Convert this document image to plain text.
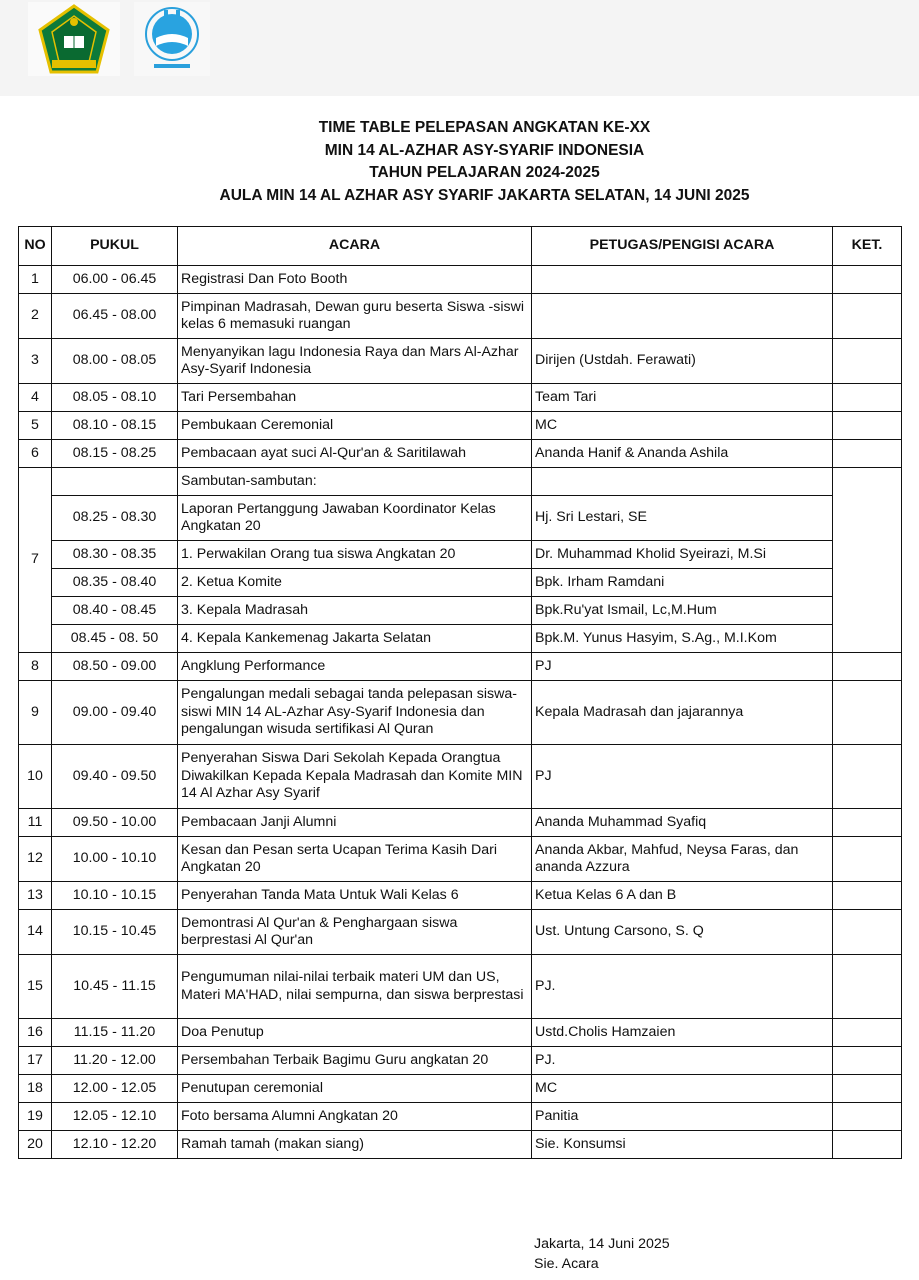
TIME TABLE PELEPASAN ANGKATAN KE-XX
MIN 14 AL-AZHAR ASY-SYARIF INDONESIA
TAHUN PELAJARAN 2024-2025
AULA MIN 14 AL AZHAR ASY SYARIF JAKARTA SELATAN, 14 JUNI 2025
NO	PUKUL	ACARA	PETUGAS/PENGISI ACARA	KET.
1	06.00 - 06.45	Registrasi Dan Foto Booth		
2	06.45 - 08.00	Pimpinan Madrasah, Dewan guru beserta Siswa -siswi kelas 6 memasuki ruangan		
3	08.00 - 08.05	Menyanyikan lagu Indonesia Raya dan Mars Al-Azhar Asy-Syarif Indonesia	Dirijen (Ustdah. Ferawati)	
4	08.05 - 08.10	Tari Persembahan	Team Tari	
5	08.10 - 08.15	Pembukaan Ceremonial	MC	
6	08.15 - 08.25	Pembacaan ayat suci Al-Qur'an & Saritilawah	Ananda Hanif & Ananda Ashila	
7		Sambutan-sambutan:		
	08.25 - 08.30	Laporan Pertanggung Jawaban Koordinator Kelas Angkatan 20	Hj. Sri Lestari, SE	
	08.30 - 08.35	1. Perwakilan Orang tua siswa Angkatan 20	Dr. Muhammad Kholid Syeirazi, M.Si	
	08.35 - 08.40	2. Ketua Komite	Bpk. Irham Ramdani	
	08.40 - 08.45	3. Kepala Madrasah	Bpk.Ru'yat Ismail, Lc,M.Hum	
	08.45 - 08. 50	4. Kepala Kankemenag Jakarta Selatan	Bpk.M. Yunus Hasyim, S.Ag., M.I.Kom	
8	08.50 - 09.00	Angklung Performance	PJ	
9	09.00 - 09.40	Pengalungan medali sebagai tanda pelepasan siswa-siswi MIN 14 AL-Azhar Asy-Syarif Indonesia dan pengalungan wisuda sertifikasi Al Quran	Kepala Madrasah dan jajarannya	
10	09.40 - 09.50	Penyerahan Siswa Dari Sekolah Kepada Orangtua Diwakilkan Kepada Kepala Madrasah dan Komite MIN 14 Al Azhar Asy Syarif	PJ	
11	09.50 - 10.00	Pembacaan Janji Alumni	Ananda Muhammad Syafiq	
12	10.00 - 10.10	Kesan dan Pesan serta Ucapan Terima Kasih Dari Angkatan 20	Ananda Akbar, Mahfud, Neysa Faras, dan ananda Azzura	
13	10.10 - 10.15	Penyerahan Tanda Mata Untuk Wali Kelas 6	Ketua Kelas 6 A dan B	
14	10.15 - 10.45	Demontrasi Al Qur'an & Penghargaan siswa berprestasi Al Qur'an	Ust. Untung Carsono, S. Q	
15	10.45 - 11.15	Pengumuman nilai-nilai terbaik materi UM dan US, Materi MA'HAD, nilai sempurna, dan siswa berprestasi	PJ.	
16	11.15 - 11.20	Doa Penutup	Ustd.Cholis Hamzaien	
17	11.20 - 12.00	Persembahan Terbaik Bagimu Guru angkatan 20	PJ.	
18	12.00 - 12.05	Penutupan ceremonial	MC	
19	12.05 - 12.10	Foto bersama Alumni Angkatan 20	Panitia	
20	12.10 - 12.20	Ramah tamah (makan siang)	Sie. Konsumsi	
Jakarta, 14 Juni 2025
Sie. Acara
